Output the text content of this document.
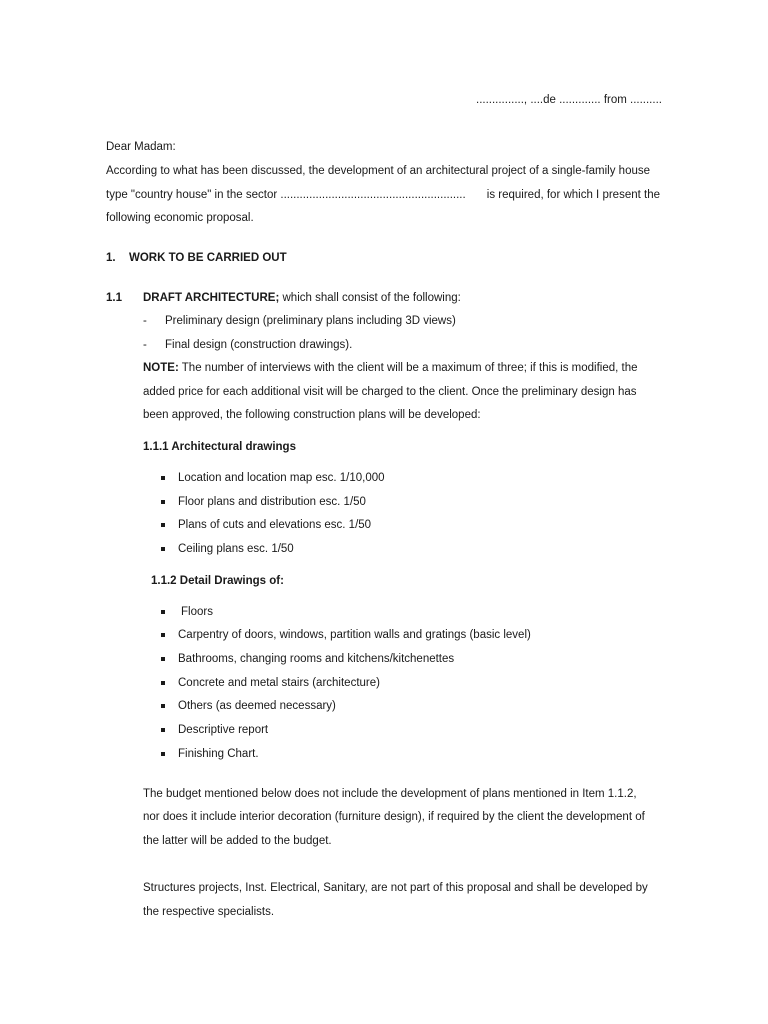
..............., ....de ............. from ..........
Dear Madam:
According to what has been discussed, the development of an architectural project of a single-family house
type "country house" in the sector .......................................................... is required, for which I present the
following economic proposal.
1. WORK TO BE CARRIED OUT
1.1 DRAFT ARCHITECTURE; which shall consist of the following:
- Preliminary design (preliminary plans including 3D views)
- Final design (construction drawings).
NOTE: The number of interviews with the client will be a maximum of three; if this is modified, the
added price for each additional visit will be charged to the client. Once the preliminary design has
been approved, the following construction plans will be developed:
1.1.1 Architectural drawings
Location and location map esc. 1/10,000
Floor plans and distribution esc. 1/50
Plans of cuts and elevations esc. 1/50
Ceiling plans esc. 1/50
1.1.2 Detail Drawings of:
Floors
Carpentry of doors, windows, partition walls and gratings (basic level)
Bathrooms, changing rooms and kitchens/kitchenettes
Concrete and metal stairs (architecture)
Others (as deemed necessary)
Descriptive report
Finishing Chart.
The budget mentioned below does not include the development of plans mentioned in Item 1.1.2,
nor does it include interior decoration (furniture design), if required by the client the development of
the latter will be added to the budget.
Structures projects, Inst. Electrical, Sanitary, are not part of this proposal and shall be developed by
the respective specialists.
